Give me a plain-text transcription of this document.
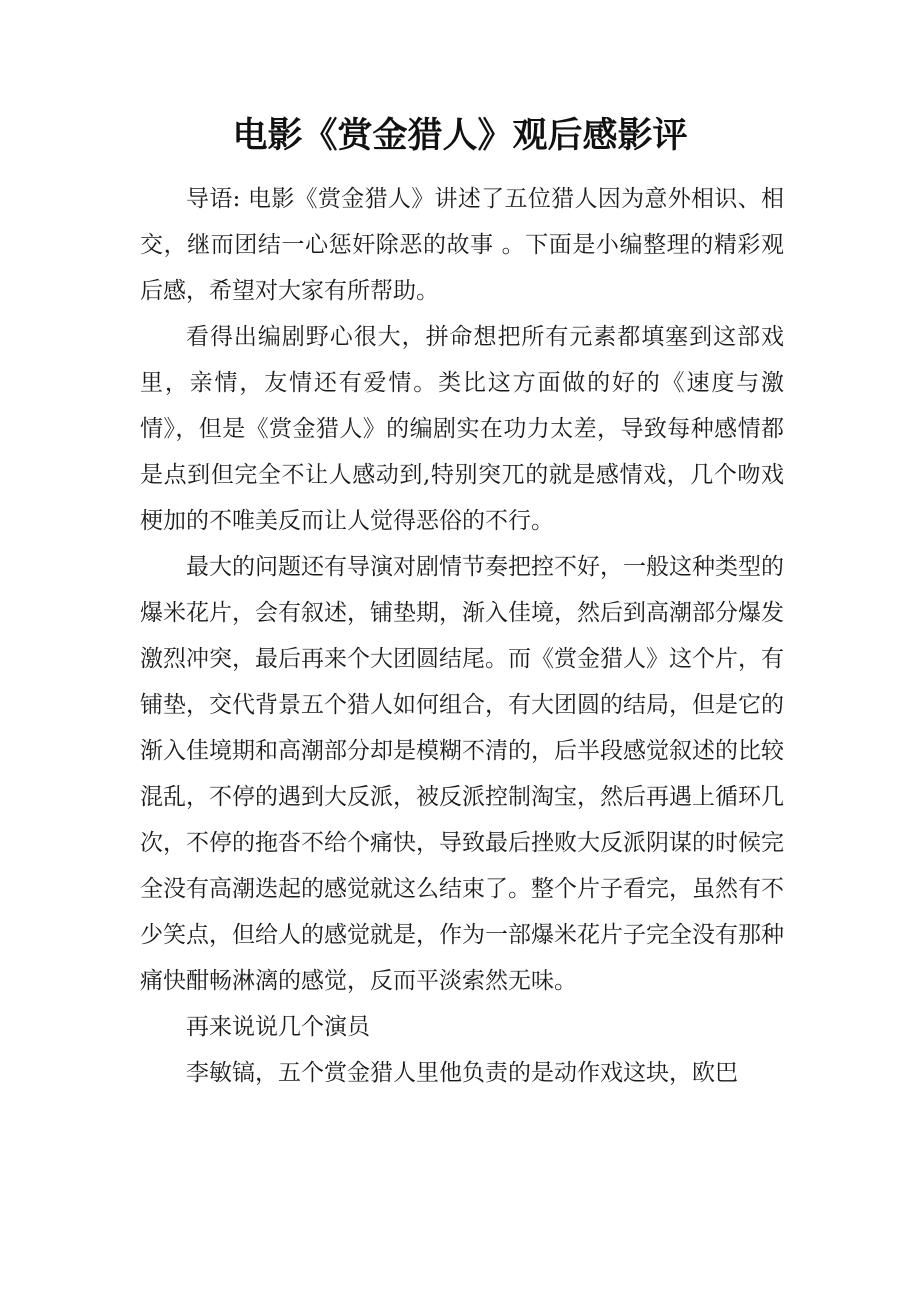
电影《赏金猎人》观后感影评

导语: 电影《赏金猎人》讲述了五位猎人因为意外相识、相交，继而团结一心惩奸除恶的故事 。下面是小编整理的精彩观后感，希望对大家有所帮助。

看得出编剧野心很大，拼命想把所有元素都填塞到这部戏里，亲情，友情还有爱情。类比这方面做的好的《速度与激情》，但是《赏金猎人》的编剧实在功力太差，导致每种感情都是点到但完全不让人感动到,特别突兀的就是感情戏，几个吻戏梗加的不唯美反而让人觉得恶俗的不行。

最大的问题还有导演对剧情节奏把控不好，一般这种类型的爆米花片，会有叙述，铺垫期，渐入佳境，然后到高潮部分爆发激烈冲突，最后再来个大团圆结尾。而《赏金猎人》这个片，有铺垫，交代背景五个猎人如何组合，有大团圆的结局，但是它的渐入佳境期和高潮部分却是模糊不清的，后半段感觉叙述的比较混乱，不停的遇到大反派，被反派控制淘宝，然后再遇上循环几次，不停的拖沓不给个痛快，导致最后挫败大反派阴谋的时候完全没有高潮迭起的感觉就这么结束了。整个片子看完，虽然有不少笑点，但给人的感觉就是，作为一部爆米花片子完全没有那种痛快酣畅淋漓的感觉，反而平淡索然无味。

再来说说几个演员

李敏镐，五个赏金猎人里他负责的是动作戏这块，欧巴
